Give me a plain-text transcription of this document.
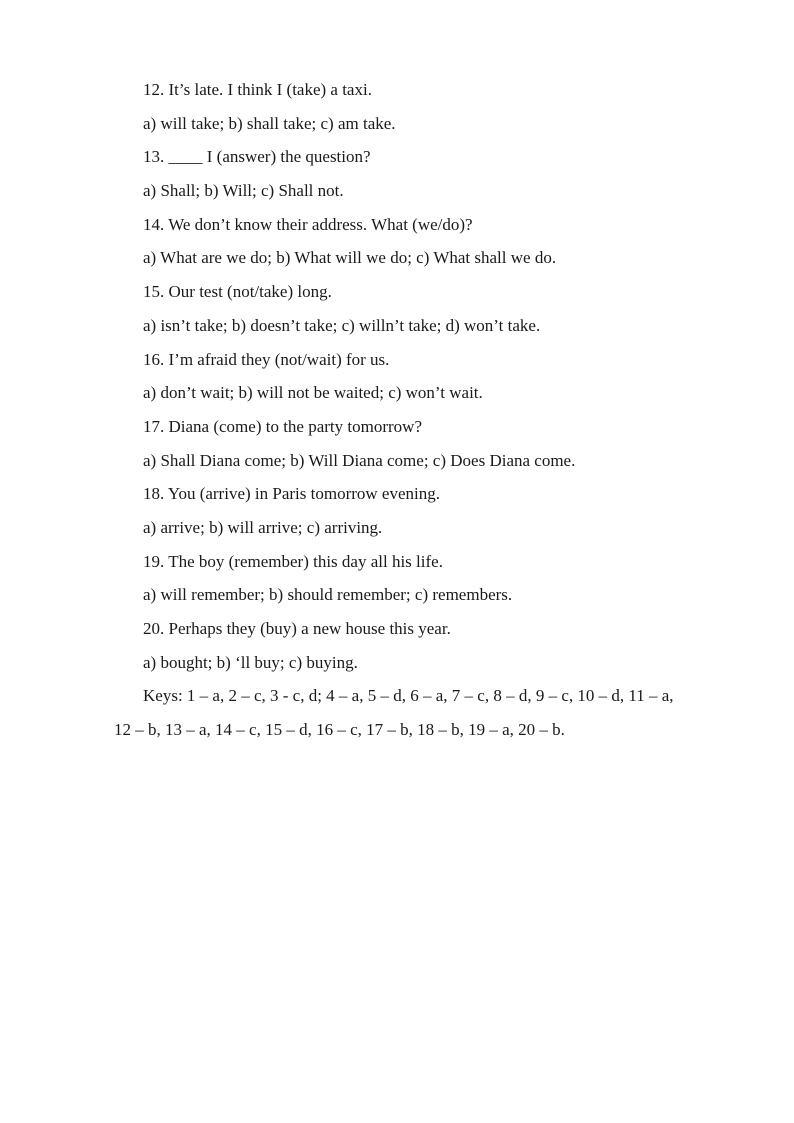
12. It’s late. I think I (take) a taxi.
a) will take; b) shall take; c) am take.
13. ____ I (answer) the question?
a) Shall; b) Will; c) Shall not.
14. We don’t know their address. What (we/do)?
a) What are we do; b) What will we do; c) What shall we do.
15. Our test (not/take) long.
a) isn’t take; b) doesn’t take; c) willn’t take; d) won’t take.
16. I’m afraid they (not/wait) for us.
a) don’t wait; b) will not be waited; c) won’t wait.
17. Diana (come) to the party tomorrow?
a) Shall Diana come; b) Will Diana come; c) Does Diana come.
18. You (arrive) in Paris tomorrow evening.
a) arrive; b) will arrive; c) arriving.
19. The boy (remember) this day all his life.
a) will remember; b) should remember; c) remembers.
20. Perhaps they (buy) a new house this year.
a) bought; b) ‘ll buy; c) buying.
Keys: 1 – a, 2 – c, 3 - c, d; 4 – a, 5 – d, 6 – a, 7 – c, 8 – d, 9 – c, 10 – d, 11 – a,
12 – b, 13 – a, 14 – c, 15 – d, 16 – c, 17 – b, 18 – b, 19 – a, 20 – b.
